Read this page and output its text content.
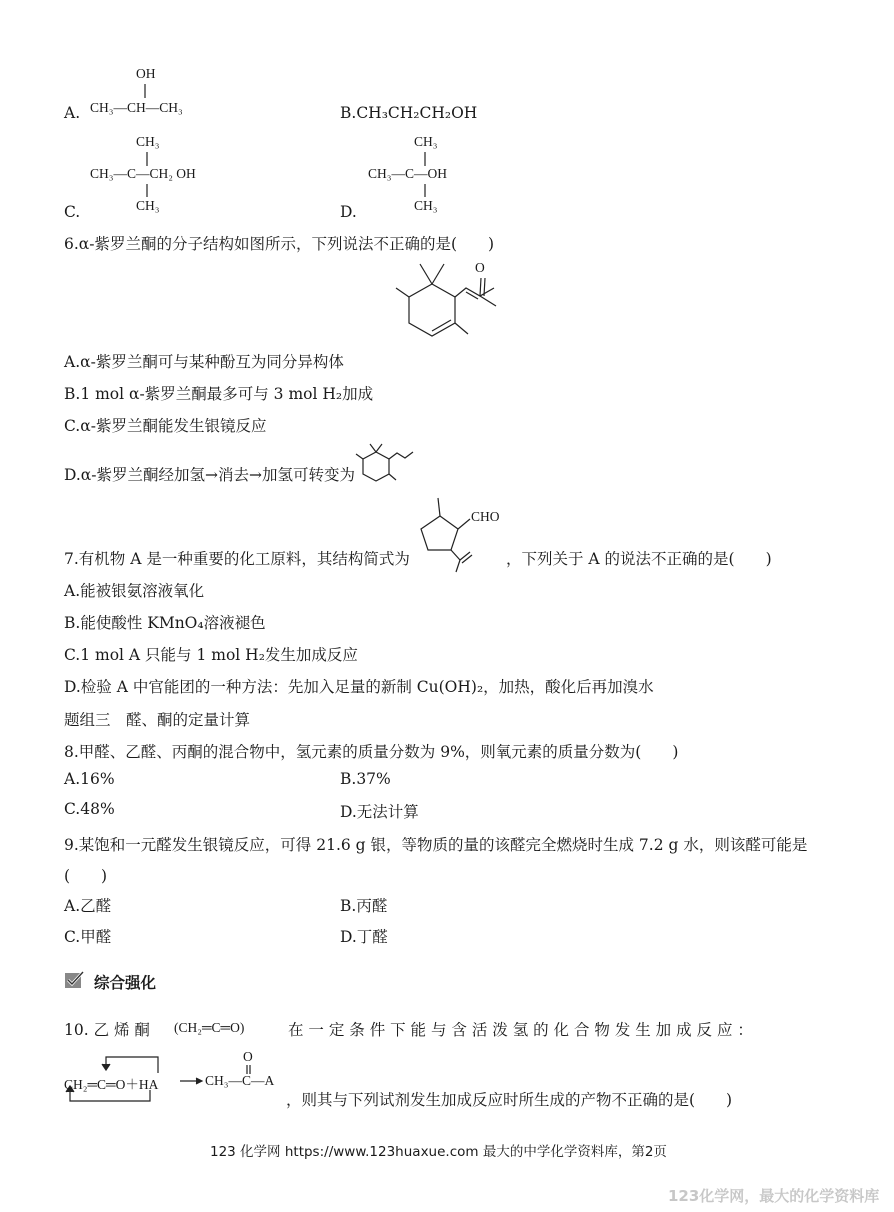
A.
OH
CH₃—CH—CH₃	B.CH₃CH₂CH₂OH
CH₃
CH₃—C—CH₂ OH
CH₃
C.
CH₃
CH₃—C—OH
CH₃
D.
6.α-紫罗兰酮的分子结构如图所示，下列说法不正确的是(　　)
O
A.α-紫罗兰酮可与某种酚互为同分异构体
B.1 mol α-紫罗兰酮最多可与 3 mol H₂加成
C.α-紫罗兰酮能发生银镜反应
D.α-紫罗兰酮经加氢→消去→加氢可转变为
CHO
7.有机物 A 是一种重要的化工原料，其结构简式为	，下列关于 A 的说法不正确的是(　　)
A.能被银氨溶液氧化
B.能使酸性 KMnO₄溶液褪色
C.1 mol A 只能与 1 mol H₂发生加成反应
D.检验 A 中官能团的一种方法：先加入足量的新制 Cu(OH)₂，加热，酸化后再加溴水
题组三　醛、酮的定量计算
8.甲醛、乙醛、丙酮的混合物中，氢元素的质量分数为 9%，则氧元素的质量分数为(　　)
A.16%	B.37%
C.48%	D.无法计算
9.某饱和一元醛发生银镜反应，可得 21.6 g 银，等物质的量的该醛完全燃烧时生成 7.2 g 水，则该醛可能是
(　　)
A.乙醛	B.丙醛
C.甲醛	D.丁醛
综合强化
10. 乙 烯 酮 (CH₂═C═O)	在 一 定 条 件 下 能 与 含 活 泼 氢 的 化 合 物 发 生 加 成 反 应 ：
CH₂═C═O＋HA
O
CH₃—C—A
，则其与下列试剂发生加成反应时所生成的产物不正确的是(　　)
123 化学网 https://www.123huaxue.com 最大的中学化学资料库，第2页
123化学网，最大的化学资料库
